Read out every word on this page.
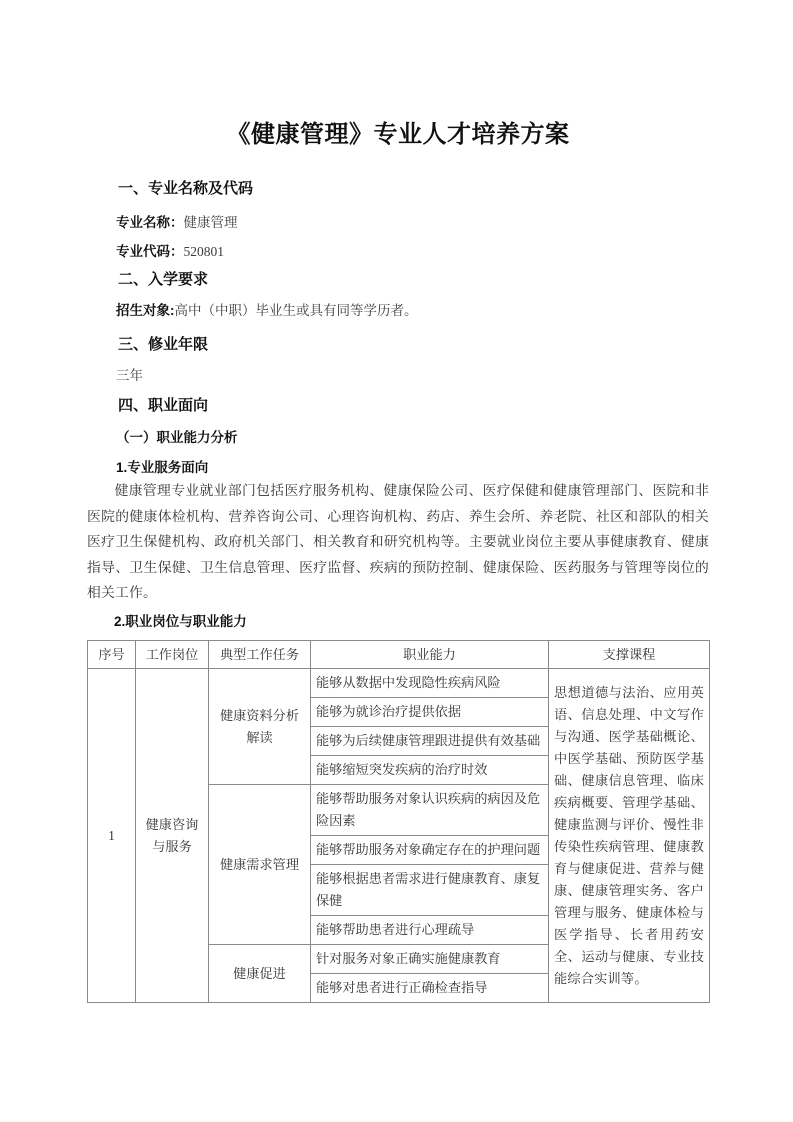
《健康管理》专业人才培养方案
一、专业名称及代码
专业名称：健康管理
专业代码：520801
二、入学要求
招生对象:高中（中职）毕业生或具有同等学历者。
三、修业年限
三年
四、职业面向
（一）职业能力分析
1.专业服务面向

健康管理专业就业部门包括医疗服务机构、健康保险公司、医疗保健和健康管理部门、医院和非医院的健康体检机构、营养咨询公司、心理咨询机构、药店、养生会所、养老院、社区和部队的相关医疗卫生保健机构、政府机关部门、相关教育和研究机构等。主要就业岗位主要从事健康教育、健康指导、卫生保健、卫生信息管理、医疗监督、疾病的预防控制、健康保险、医药服务与管理等岗位的相关工作。

2.职业岗位与职业能力
序号	工作岗位	典型工作任务	职业能力	支撑课程
1	健康咨询与服务	健康资料分析解读	能够从数据中发现隐性疾病风险	思想道德与法治、应用英语、信息处理、中文写作与沟通、医学基础概论、中医学基础、预防医学基础、健康信息管理、临床疾病概要、管理学基础、健康监测与评价、慢性非传染性疾病管理、健康教育与健康促进、营养与健康、健康管理实务、客户管理与服务、健康体检与医学指导、长者用药安全、运动与健康、专业技能综合实训等。
			能够为就诊治疗提供依据	
			能够为后续健康管理跟进提供有效基础	
			能够缩短突发疾病的治疗时效	
		健康需求管理	能够帮助服务对象认识疾病的病因及危险因素	
			能够帮助服务对象确定存在的护理问题	
			能够根据患者需求进行健康教育、康复保健	
			能够帮助患者进行心理疏导	
		健康促进	针对服务对象正确实施健康教育	
			能够对患者进行正确检查指导	
